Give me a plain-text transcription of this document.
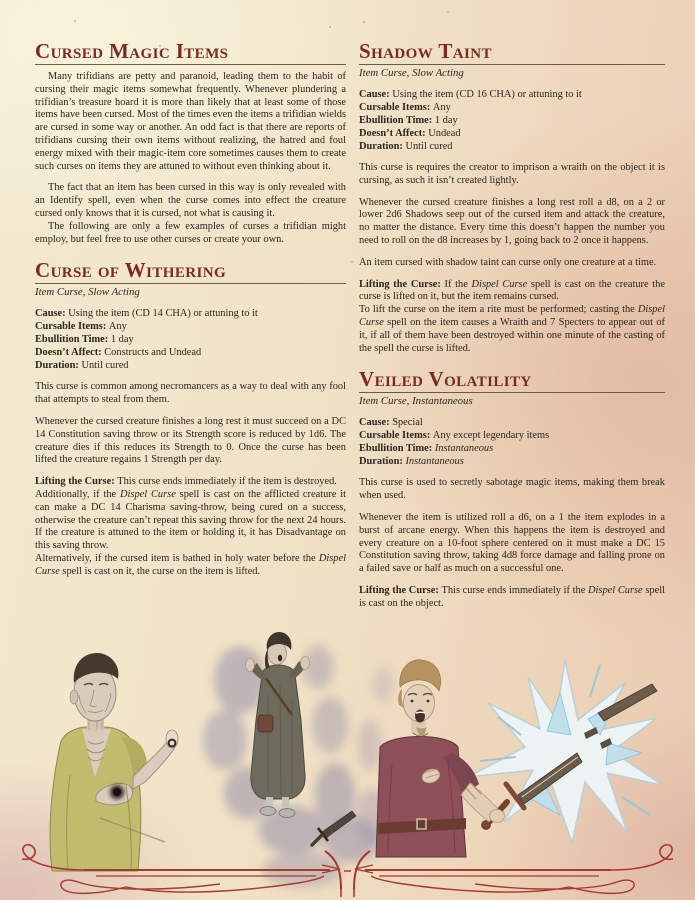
Cursed Magic Items

Many trifidians are petty and paranoid, leading them to the habit of cursing their magic items somewhat frequently. Whenever plundering a trifidian’s treasure hoard it is more than likely that at least some of those items have been cursed. Most of the times even the items a trifidian wields are cursed in some way or another. An odd fact is that there are reports of trifidians cursing their own items without realizing, the hatred and foul energy mixed with their magic-item core sometimes causes them to create such curses on items they are attuned to without even thinking about it.

The fact that an item has been cursed in this way is only revealed with an Identify spell, even when the curse comes into effect the creature cursed only knows that it is cursed, not what is causing it.

The following are only a few examples of curses a trifidian might employ, but feel free to use other curses or create your own.

Curse of Withering

Item Curse, Slow Acting

Cause: Using the item (CD 14 CHA) or attuning to it
Cursable Items: Any
Ebullition Time: 1 day
Doesn’t Affect: Constructs and Undead
Duration: Until cured

This curse is common among necromancers as a way to deal with any fool that attempts to steal from them.

Whenever the cursed creature finishes a long rest it must succeed on a DC 14 Constitution saving throw or its Strength score is reduced by 1d6. The creature dies if this reduces its Strength to 0. Once the curse has been lifted the creature regains 1 Strength per day.

Lifting the Curse: This curse ends immediately if the item is destroyed.

Additionally, if the Dispel Curse spell is cast on the afflicted creature it can make a DC 14 Charisma saving-throw, being cured on a success, otherwise the creature can’t repeat this saving throw for the next 24 hours. If the creature is attuned to the item or holding it, it has Disadvantage on this saving throw.

Alternatively, if the cursed item is bathed in holy water before the Dispel Curse spell is cast on it, the curse on the item is lifted.

Shadow Taint

Item Curse, Slow Acting

Cause: Using the item (CD 16 CHA) or attuning to it
Cursable Items: Any
Ebullition Time: 1 day
Doesn’t Affect: Undead
Duration: Until cured

This curse is requires the creator to imprison a wraith on the object it is cursing, as such it isn’t created lightly.

Whenever the cursed creature finishes a long rest roll a d8, on a 2 or lower 2d6 Shadows seep out of the cursed item and attack the creature, no matter the distance. Every time this doesn’t happen the number you need to roll on the d8 increases by 1, going back to 2 once it happens.

An item cursed with shadow taint can curse only one creature at a time.

Lifting the Curse: If the Dispel Curse spell is cast on the creature the curse is lifted on it, but the item remains cursed.

To lift the curse on the item a rite must be performed; casting the Dispel Curse spell on the item causes a Wraith and 7 Specters to appear out of it, if all of them have been destroyed within one minute of the casting of the spell the curse is lifted.

Veiled Volatility

Item Curse, Instantaneous

Cause: Special
Cursable Items: Any except legendary items
Ebullition Time: Instantaneous
Duration: Instantaneous

This curse is used to secretly sabotage magic items, making them break when used.

Whenever the item is utilized roll a d6, on a 1 the item explodes in a burst of arcane energy. When this happens the item is destroyed and every creature on a 10-foot sphere centered on it must make a DC 15 Constitution saving throw, taking 4d8 force damage and falling prone on a failed save or half as much on a successful one.

Lifting the Curse: This curse ends immediately if the Dispel Curse spell is cast on the object.
